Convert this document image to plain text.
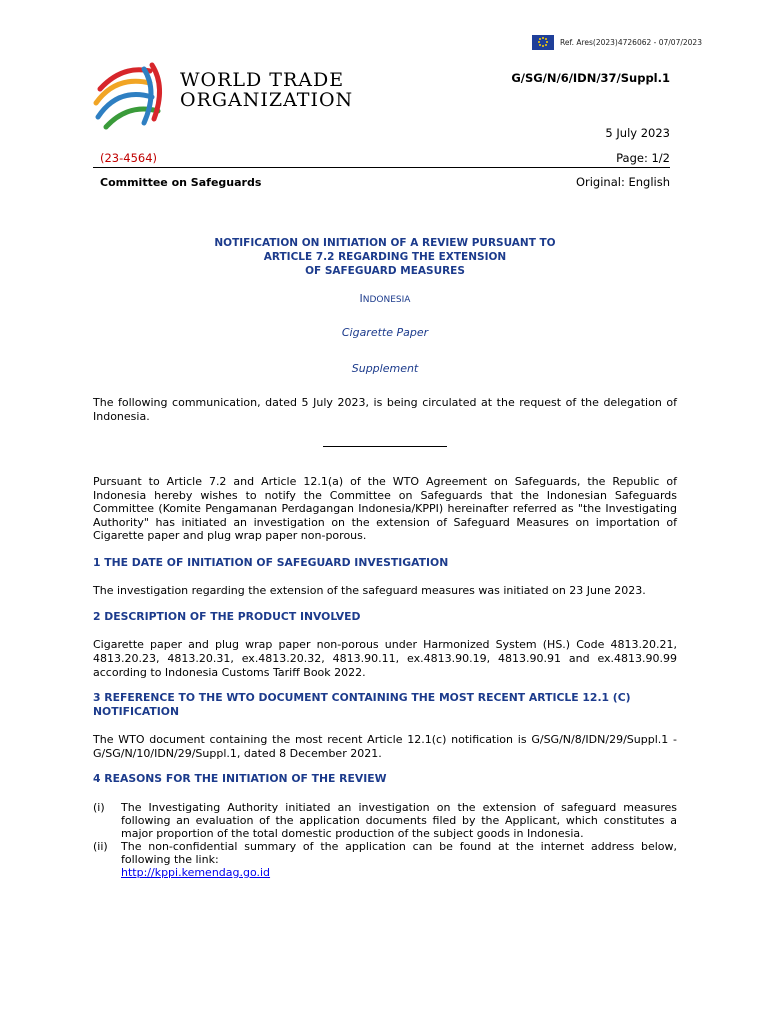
Ref. Ares(2023)4726062 - 07/07/2023
WORLD TRADE
ORGANIZATION
G/SG/N/6/IDN/37/Suppl.1
5 July 2023
(23-4564)	Page: 1/2
Committee on Safeguards	Original: English
NOTIFICATION ON INITIATION OF A REVIEW PURSUANT TO
ARTICLE 7.2 REGARDING THE EXTENSION
OF SAFEGUARD MEASURES
INDONESIA
Cigarette Paper
Supplement
The following communication, dated 5 July 2023, is being circulated at the request of the delegation of Indonesia.
Pursuant to Article 7.2 and Article 12.1(a) of the WTO Agreement on Safeguards, the Republic of Indonesia hereby wishes to notify the Committee on Safeguards that the Indonesian Safeguards Committee (Komite Pengamanan Perdagangan Indonesia/KPPI) hereinafter referred as "the Investigating Authority" has initiated an investigation on the extension of Safeguard Measures on importation of Cigarette paper and plug wrap paper non-porous.
1 THE DATE OF INITIATION OF SAFEGUARD INVESTIGATION
The investigation regarding the extension of the safeguard measures was initiated on 23 June 2023.
2 DESCRIPTION OF THE PRODUCT INVOLVED
Cigarette paper and plug wrap paper non-porous under Harmonized System (HS.) Code 4813.20.21, 4813.20.23, 4813.20.31, ex.4813.20.32, 4813.90.11, ex.4813.90.19, 4813.90.91 and ex.4813.90.99 according to Indonesia Customs Tariff Book 2022.
3 REFERENCE TO THE WTO DOCUMENT CONTAINING THE MOST RECENT ARTICLE 12.1 (C) NOTIFICATION
The WTO document containing the most recent Article 12.1(c) notification is G/SG/N/8/IDN/29/Suppl.1 - G/SG/N/10/IDN/29/Suppl.1, dated 8 December 2021.
4 REASONS FOR THE INITIATION OF THE REVIEW
(i)	The Investigating Authority initiated an investigation on the extension of safeguard measures following an evaluation of the application documents filed by the Applicant, which constitutes a major proportion of the total domestic production of the subject goods in Indonesia.
(ii)	The non-confidential summary of the application can be found at the internet address below, following the link:
http://kppi.kemendag.go.id
